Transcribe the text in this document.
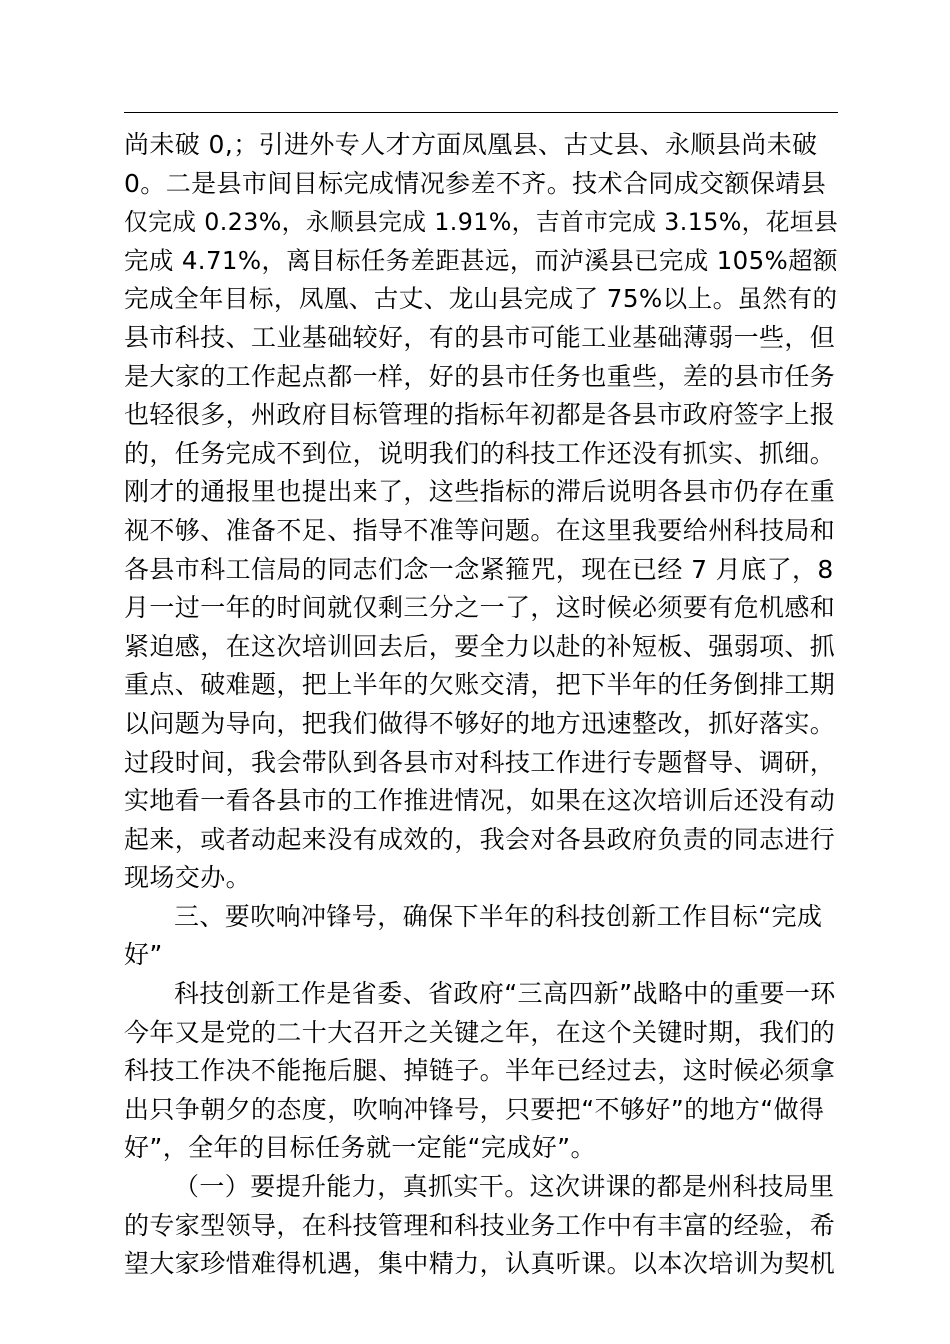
尚未破 0,；引进外专人才方面凤凰县、古丈县、永顺县尚未破
0。二是县市间目标完成情况参差不齐。技术合同成交额保靖县
仅完成 0.23%，永顺县完成 1.91%，吉首市完成 3.15%，花垣县
完成 4.71%，离目标任务差距甚远，而泸溪县已完成 105%超额
完成全年目标，凤凰、古丈、龙山县完成了 75%以上。虽然有的
县市科技、工业基础较好，有的县市可能工业基础薄弱一些，但
是大家的工作起点都一样，好的县市任务也重些，差的县市任务
也轻很多，州政府目标管理的指标年初都是各县市政府签字上报
的，任务完成不到位，说明我们的科技工作还没有抓实、抓细。
刚才的通报里也提出来了，这些指标的滞后说明各县市仍存在重
视不够、准备不足、指导不准等问题。在这里我要给州科技局和
各县市科工信局的同志们念一念紧箍咒，现在已经 7 月底了，8
月一过一年的时间就仅剩三分之一了，这时候必须要有危机感和
紧迫感，在这次培训回去后，要全力以赴的补短板、强弱项、抓
重点、破难题，把上半年的欠账交清，把下半年的任务倒排工期
以问题为导向，把我们做得不够好的地方迅速整改，抓好落实。
过段时间，我会带队到各县市对科技工作进行专题督导、调研，
实地看一看各县市的工作推进情况，如果在这次培训后还没有动
起来，或者动起来没有成效的，我会对各县政府负责的同志进行
现场交办。
三、要吹响冲锋号，确保下半年的科技创新工作目标“完成
好”
科技创新工作是省委、省政府“三高四新”战略中的重要一环
今年又是党的二十大召开之关键之年，在这个关键时期，我们的
科技工作决不能拖后腿、掉链子。半年已经过去，这时候必须拿
出只争朝夕的态度，吹响冲锋号，只要把“不够好”的地方“做得
好”，全年的目标任务就一定能“完成好”。
（一）要提升能力，真抓实干。这次讲课的都是州科技局里
的专家型领导，在科技管理和科技业务工作中有丰富的经验，希
望大家珍惜难得机遇，集中精力，认真听课。以本次培训为契机
